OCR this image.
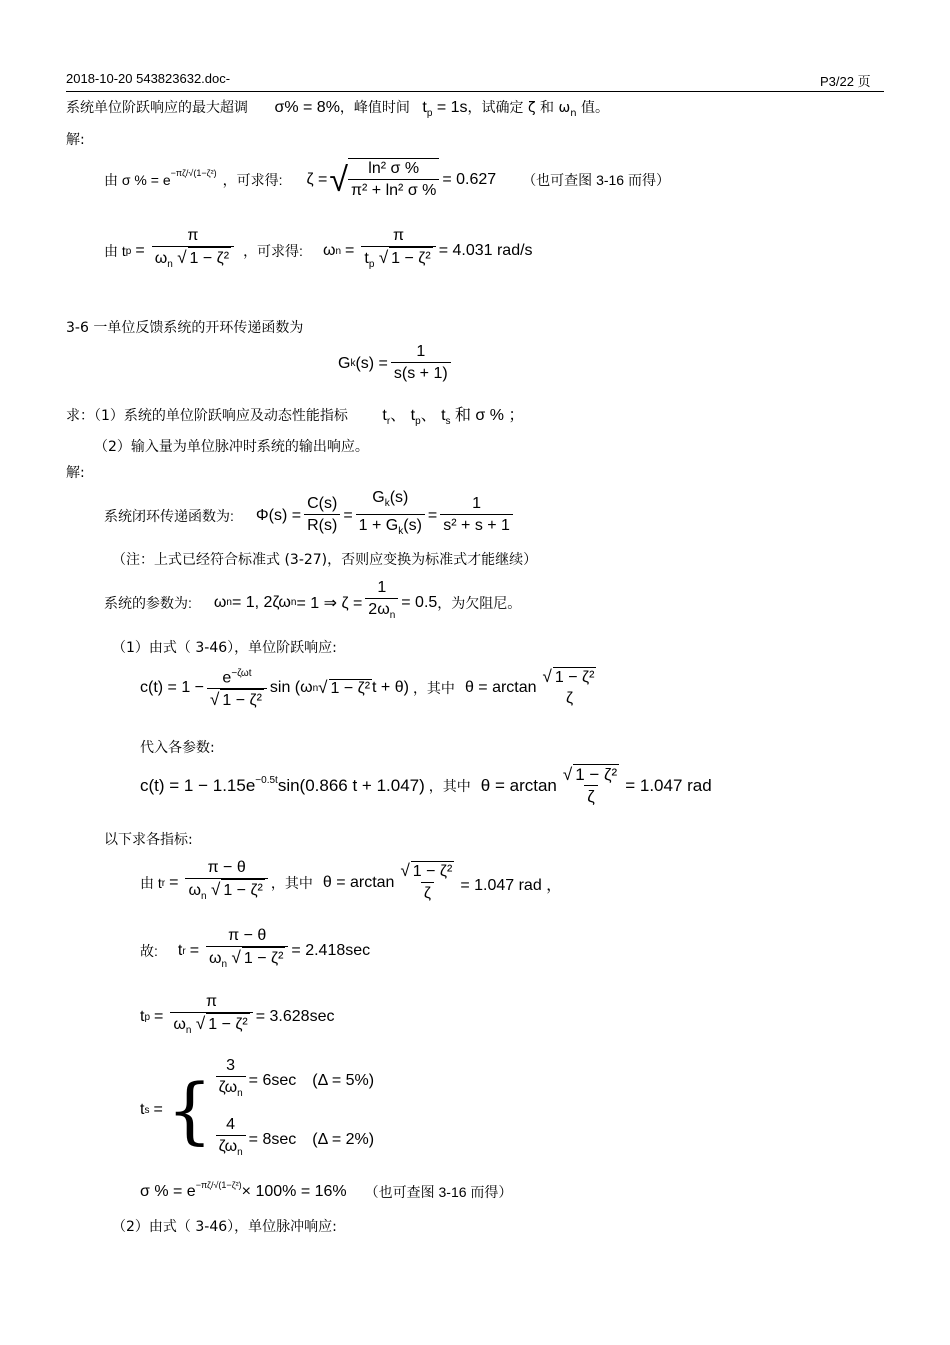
2018-10-20 543823632.doc-	P3/22 页
系统单位阶跃响应的最大超调 σ% = 8%，峰值时间 $t_p = 1s$，试确定 ζ 和 $\omega_n$ 值。
解:
由 σ % = $e^{-\pi\zeta/√(1-\zeta^2)}$ ，可求得: ζ = √ $\frac{\text{ln² σ \%}}{\text{π² + ln² σ \%}} = 0.627$ （也可查图 3-16 而得）
由 t $p = \frac{\pi}{\omega_n √ 1 - \zeta^2}$ ，可求得: ω $n = \frac{\pi}{t_p √ 1 - \zeta^2} = 4.031$ rad/s
3-6 一单位反馈系统的开环传递函数为
G k $(s) = \frac{1}{s(s + 1)}$
求：（1）系统的单位阶跃响应及动态性能指标 $t_r$、 $t_p$、 $t_s$ 和 σ % ；
（2）输入量为单位脉冲时系统的输出响应。
解:
系统闭环传递函数为: $\Phi(s) = \frac{C(s)}{R(s)} = \frac{G_k(s)}{1 + G_k(s)} = \frac{1}{\text{s² + s + 1}}$
（注：上式已经符合标准式 (3-27)，否则应变换为标准式才能继续）
系统的参数为: ω n = 1, 2ζω n = 1 ⇒ $\zeta = \frac{1}{2\omega_n} = 0.5$ ，为欠阻尼。
（1）由式（ 3-46），单位阶跃响应:
$c(t) = 1 - \frac{e^{-\zeta\omega t}}{\text{√ 1 − ζ²}}$ sin (ω n √ 1 − ζ² t + θ) ，其中 θ = arctan
√ 1 − ζ²
ζ
代入各参数:
$c(t) = 1 - 1.15e^{-0.5t}$ sin(0.866 t + 1.047) ，其中 $\theta = \arctan \frac{\text{√ 1 − ζ²}}{\zeta} = 1.047$ rad
以下求各指标:
由 t $r = \frac{\pi - \theta}{\omega_n √ 1 - \zeta^2}$ ，其中 $\theta = \arctan \frac{\text{√ 1 − ζ²}}{\zeta} = 1.047$ rad ，
故: t $r = \frac{\pi - \theta}{\omega_n √ 1 - \zeta^2} = 2.418\sec$
t $p = \frac{\pi}{\omega_n √ 1 - \zeta^2} = 3.628\sec$
t s = { $\frac{3}{\zeta\omega_n} = 6\sec$ (Δ = 5%)
$\frac{4}{\zeta\omega_n} = 8\sec$ (Δ = 2%)
σ % = $e^{-\pi\zeta/√(1-\zeta^2)} \times 100\% = 16\%$ （也可查图 3-16 而得）
（2）由式（ 3-46），单位脉冲响应:
